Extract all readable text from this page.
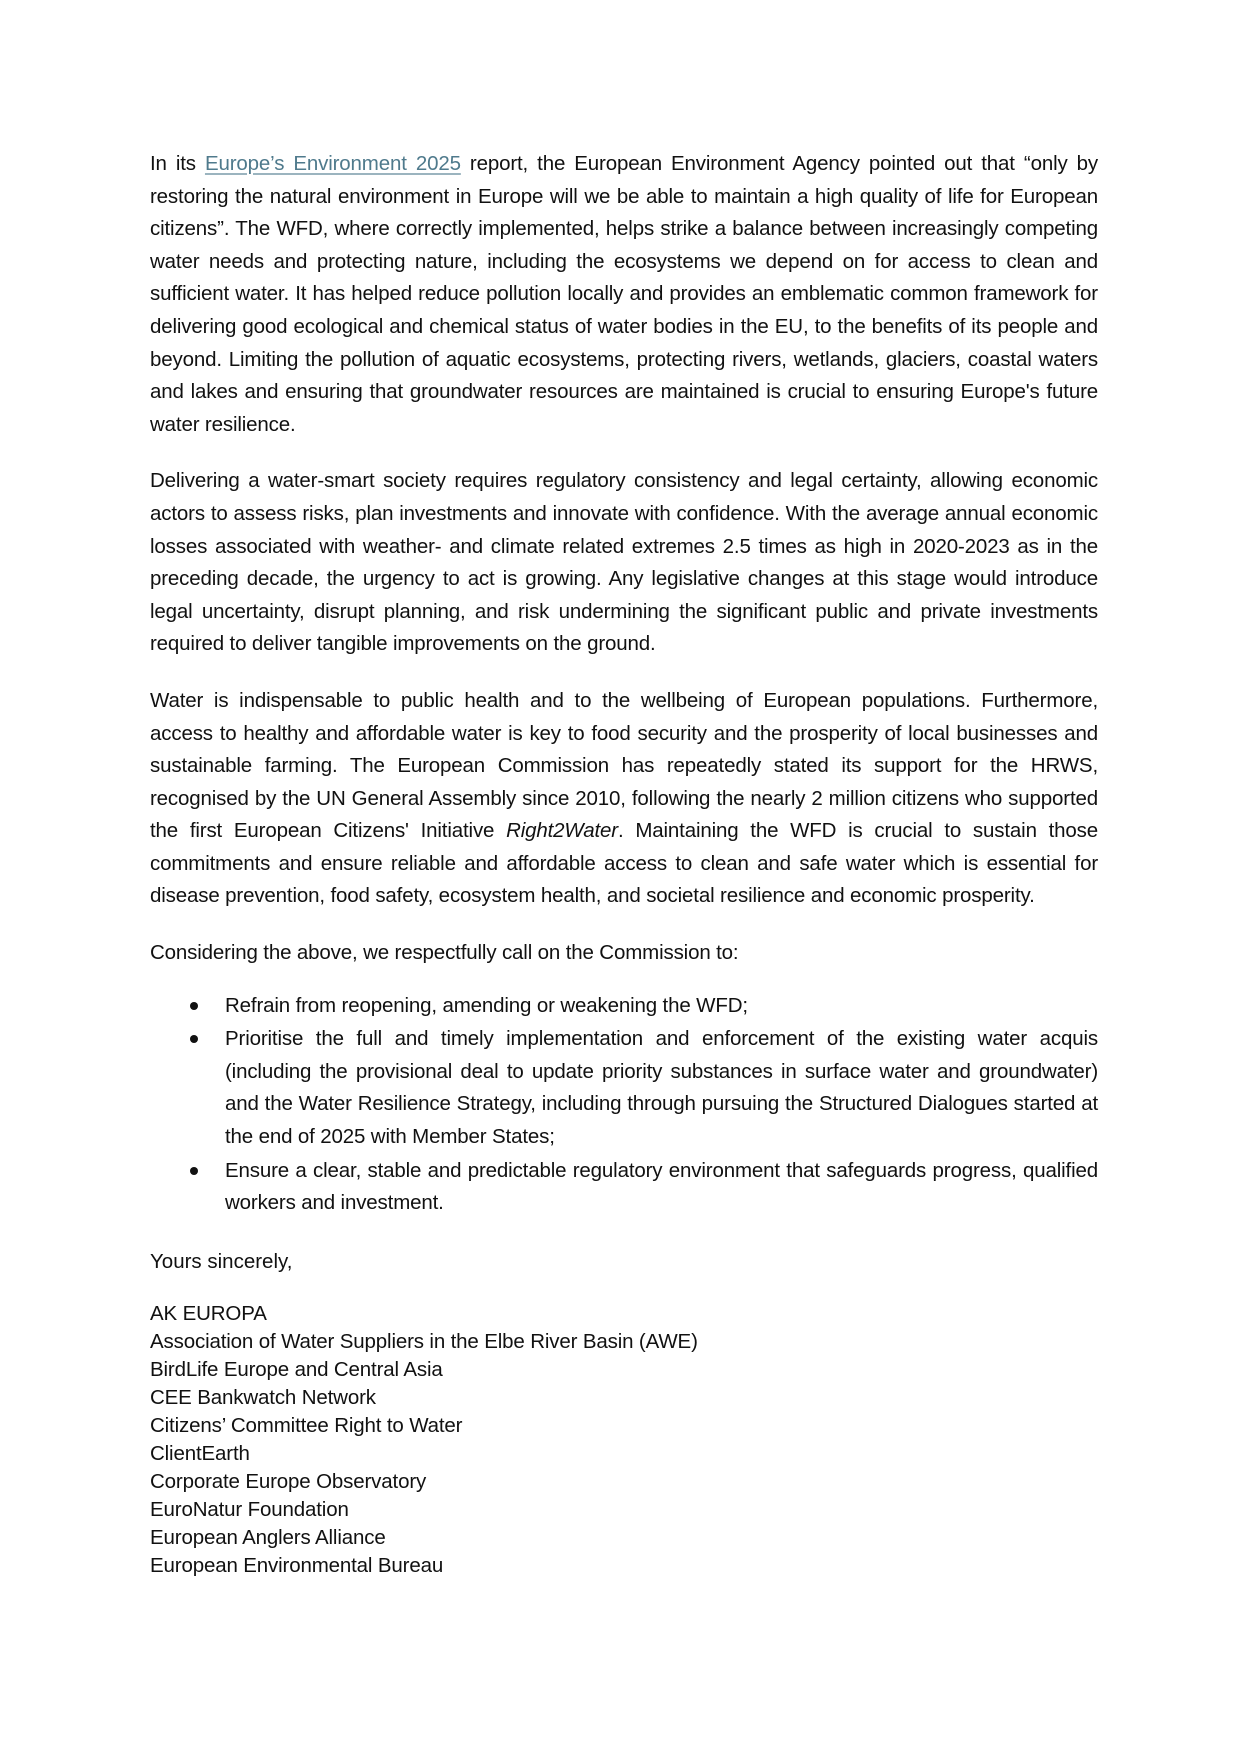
In its Europe’s Environment 2025 report, the European Environment Agency pointed out that “only by restoring the natural environment in Europe will we be able to maintain a high quality of life for European citizens”. The WFD, where correctly implemented, helps strike a balance between increasingly competing water needs and protecting nature, including the ecosystems we depend on for access to clean and sufficient water. It has helped reduce pollution locally and provides an emblematic common framework for delivering good ecological and chemical status of water bodies in the EU, to the benefits of its people and beyond. Limiting the pollution of aquatic ecosystems, protecting rivers, wetlands, glaciers, coastal waters and lakes and ensuring that groundwater resources are maintained is crucial to ensuring Europe's future water resilience.

Delivering a water-smart society requires regulatory consistency and legal certainty, allowing economic actors to assess risks, plan investments and innovate with confidence. With the average annual economic losses associated with weather- and climate related extremes 2.5 times as high in 2020-2023 as in the preceding decade, the urgency to act is growing. Any legislative changes at this stage would introduce legal uncertainty, disrupt planning, and risk undermining the significant public and private investments required to deliver tangible improvements on the ground.

Water is indispensable to public health and to the wellbeing of European populations. Furthermore, access to healthy and affordable water is key to food security and the prosperity of local businesses and sustainable farming. The European Commission has repeatedly stated its support for the HRWS, recognised by the UN General Assembly since 2010, following the nearly 2 million citizens who supported the first European Citizens' Initiative Right2Water. Maintaining the WFD is crucial to sustain those commitments and ensure reliable and affordable access to clean and safe water which is essential for disease prevention, food safety, ecosystem health, and societal resilience and economic prosperity.

Considering the above, we respectfully call on the Commission to:

Refrain from reopening, amending or weakening the WFD;
Prioritise the full and timely implementation and enforcement of the existing water acquis (including the provisional deal to update priority substances in surface water and groundwater) and the Water Resilience Strategy, including through pursuing the Structured Dialogues started at the end of 2025 with Member States;
Ensure a clear, stable and predictable regulatory environment that safeguards progress, qualified workers and investment.

Yours sincerely,

AK EUROPA
Association of Water Suppliers in the Elbe River Basin (AWE)
BirdLife Europe and Central Asia
CEE Bankwatch Network
Citizens’ Committee Right to Water
ClientEarth
Corporate Europe Observatory
EuroNatur Foundation
European Anglers Alliance
European Environmental Bureau
